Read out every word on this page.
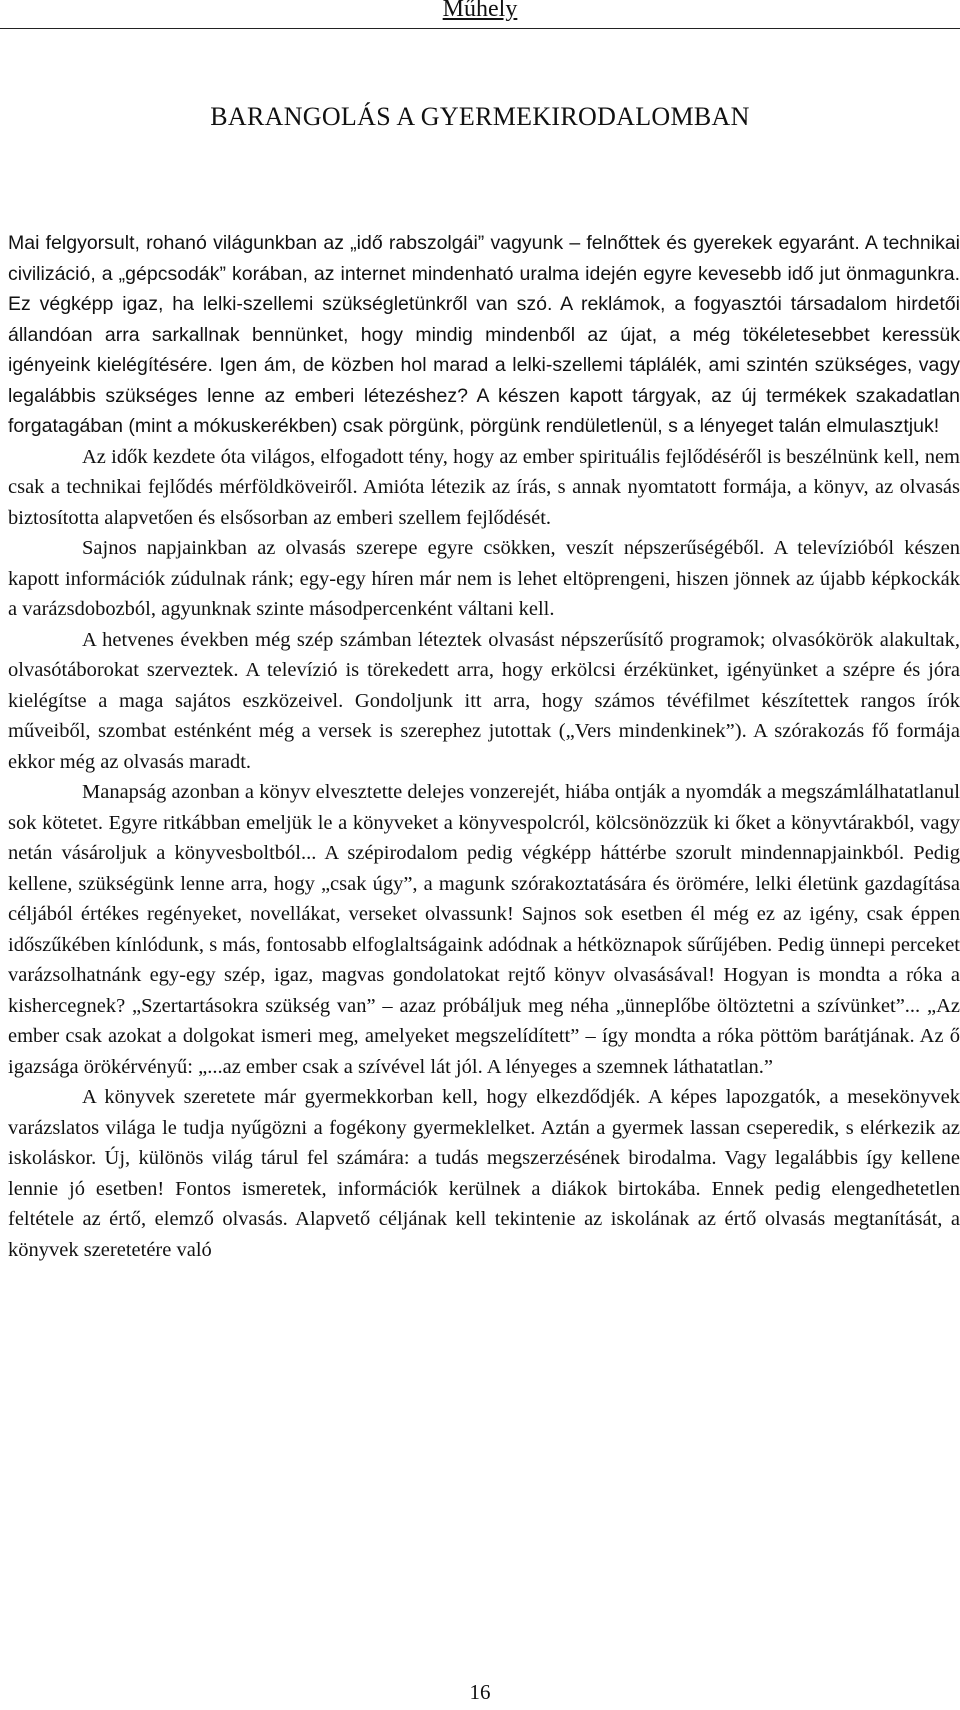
Műhely
BARANGOLÁS A GYERMEKIRODALOMBAN

Mai felgyorsult, rohanó világunkban az „idő rabszolgái” vagyunk – felnőttek és gyerekek egyaránt. A technikai civilizáció, a „gépcsodák” korában, az internet mindenható uralma idején egyre kevesebb idő jut önmagunkra. Ez végképp igaz, ha lelki-szellemi szükségletünkről van szó. A reklámok, a fogyasztói társadalom hirdetői állandóan arra sarkallnak bennünket, hogy mindig mindenből az újat, a még tökéletesebbet keressük igényeink kielégítésére. Igen ám, de közben hol marad a lelki-szellemi táplálék, ami szintén szükséges, vagy legalábbis szükséges lenne az emberi létezéshez? A készen kapott tárgyak, az új termékek szakadatlan forgatagában (mint a mókuskerékben) csak pörgünk, pörgünk rendületlenül, s a lényeget talán elmulasztjuk!

Az idők kezdete óta világos, elfogadott tény, hogy az ember spirituális fejlődéséről is beszélnünk kell, nem csak a technikai fejlődés mérföldköveiről. Amióta létezik az írás, s annak nyomtatott formája, a könyv, az olvasás biztosította alapvetően és elsősorban az emberi szellem fejlődését.

Sajnos napjainkban az olvasás szerepe egyre csökken, veszít népszerűségéből. A televízióból készen kapott információk zúdulnak ránk; egy-egy híren már nem is lehet eltöprengeni, hiszen jönnek az újabb képkockák a varázsdobozból, agyunknak szinte másodpercenként váltani kell.

A hetvenes években még szép számban léteztek olvasást népszerűsítő programok; olvasókörök alakultak, olvasótáborokat szerveztek. A televízió is törekedett arra, hogy erkölcsi érzékünket, igényünket a szépre és jóra kielégítse a maga sajátos eszközeivel. Gondoljunk itt arra, hogy számos tévéfilmet készítettek rangos írók műveiből, szombat esténként még a versek is szerephez jutottak („Vers mindenkinek”). A szórakozás fő formája ekkor még az olvasás maradt.

Manapság azonban a könyv elvesztette delejes vonzerejét, hiába ontják a nyomdák a megszámlálhatatlanul sok kötetet. Egyre ritkábban emeljük le a könyveket a könyvespolcról, kölcsönözzük ki őket a könyvtárakból, vagy netán vásároljuk a könyvesboltból... A szépirodalom pedig végképp háttérbe szorult mindennapjainkból. Pedig kellene, szükségünk lenne arra, hogy „csak úgy”, a magunk szórakoztatására és örömére, lelki életünk gazdagítása céljából értékes regényeket, novellákat, verseket olvassunk! Sajnos sok esetben él még ez az igény, csak éppen időszűkében kínlódunk, s más, fontosabb elfoglaltságaink adódnak a hétköznapok sűrűjében. Pedig ünnepi perceket varázsolhatnánk egy-egy szép, igaz, magvas gondolatokat rejtő könyv olvasásával! Hogyan is mondta a róka a kishercegnek? „Szertartásokra szükség van” – azaz próbáljuk meg néha „ünneplőbe öltöztetni a szívünket”... „Az ember csak azokat a dolgokat ismeri meg, amelyeket megszelídített” – így mondta a róka pöttöm barátjának. Az ő igazsága örökérvényű: „...az ember csak a szívével lát jól. A lényeges a szemnek láthatatlan.”

A könyvek szeretete már gyermekkorban kell, hogy elkezdődjék. A képes lapozgatók, a mesekönyvek varázslatos világa le tudja nyűgözni a fogékony gyermeklelket. Aztán a gyermek lassan cseperedik, s elérkezik az iskoláskor. Új, különös világ tárul fel számára: a tudás megszerzésének birodalma. Vagy legalábbis így kellene lennie jó esetben! Fontos ismeretek, információk kerülnek a diákok birtokába. Ennek pedig elengedhetetlen feltétele az értő, elemző olvasás. Alapvető céljának kell tekintenie az iskolának az értő olvasás megtanítását, a könyvek szeretetére való

16
